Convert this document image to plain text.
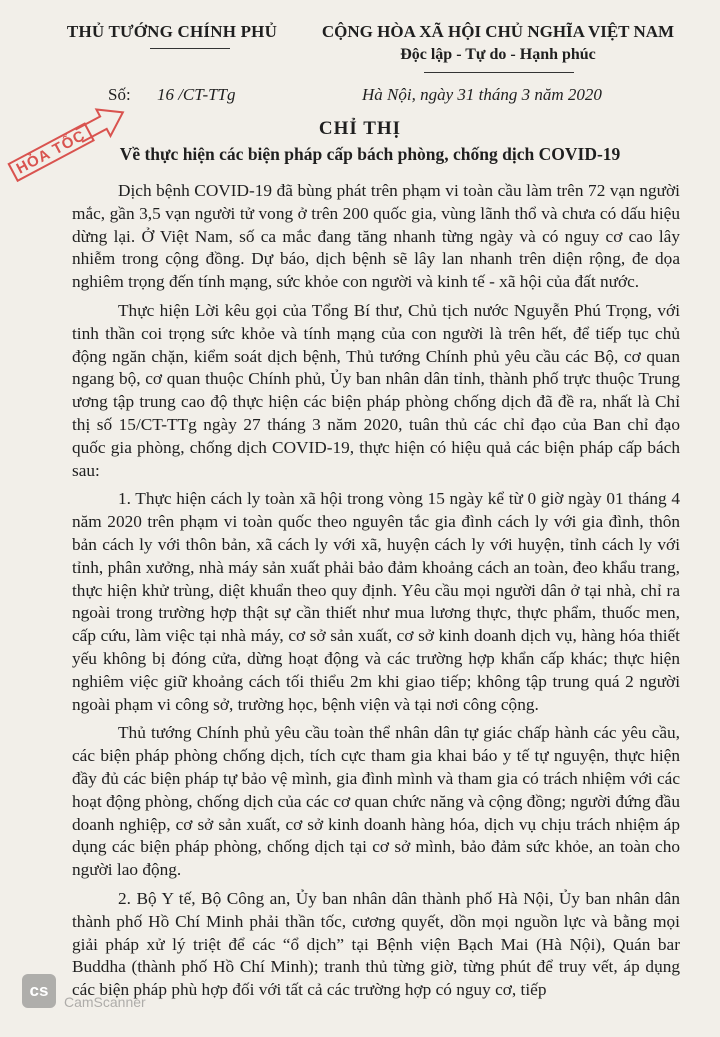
THỦ TƯỚNG CHÍNH PHỦ	CỘNG HÒA XÃ HỘI CHỦ NGHĨA VIỆT NAM
Độc lập - Tự do - Hạnh phúc
Số: 16 /CT-TTg	Hà Nội, ngày 31 tháng 3 năm 2020
HỎA TỐC	CHỈ THỊ
Về thực hiện các biện pháp cấp bách phòng, chống dịch COVID-19

Dịch bệnh COVID-19 đã bùng phát trên phạm vi toàn cầu làm trên 72 vạn người mắc, gần 3,5 vạn người tử vong ở trên 200 quốc gia, vùng lãnh thổ và chưa có dấu hiệu dừng lại. Ở Việt Nam, số ca mắc đang tăng nhanh từng ngày và có nguy cơ cao lây nhiễm trong cộng đồng. Dự báo, dịch bệnh sẽ lây lan nhanh trên diện rộng, đe dọa nghiêm trọng đến tính mạng, sức khỏe con người và kinh tế - xã hội của đất nước.

Thực hiện Lời kêu gọi của Tổng Bí thư, Chủ tịch nước Nguyễn Phú Trọng, với tinh thần coi trọng sức khỏe và tính mạng của con người là trên hết, để tiếp tục chủ động ngăn chặn, kiểm soát dịch bệnh, Thủ tướng Chính phủ yêu cầu các Bộ, cơ quan ngang bộ, cơ quan thuộc Chính phủ, Ủy ban nhân dân tỉnh, thành phố trực thuộc Trung ương tập trung cao độ thực hiện các biện pháp phòng chống dịch đã đề ra, nhất là Chỉ thị số 15/CT-TTg ngày 27 tháng 3 năm 2020, tuân thủ các chỉ đạo của Ban chỉ đạo quốc gia phòng, chống dịch COVID-19, thực hiện có hiệu quả các biện pháp cấp bách sau:

1. Thực hiện cách ly toàn xã hội trong vòng 15 ngày kể từ 0 giờ ngày 01 tháng 4 năm 2020 trên phạm vi toàn quốc theo nguyên tắc gia đình cách ly với gia đình, thôn bản cách ly với thôn bản, xã cách ly với xã, huyện cách ly với huyện, tỉnh cách ly với tỉnh, phân xưởng, nhà máy sản xuất phải bảo đảm khoảng cách an toàn, đeo khẩu trang, thực hiện khử trùng, diệt khuẩn theo quy định. Yêu cầu mọi người dân ở tại nhà, chỉ ra ngoài trong trường hợp thật sự cần thiết như mua lương thực, thực phẩm, thuốc men, cấp cứu, làm việc tại nhà máy, cơ sở sản xuất, cơ sở kinh doanh dịch vụ, hàng hóa thiết yếu không bị đóng cửa, dừng hoạt động và các trường hợp khẩn cấp khác; thực hiện nghiêm việc giữ khoảng cách tối thiểu 2m khi giao tiếp; không tập trung quá 2 người ngoài phạm vi công sở, trường học, bệnh viện và tại nơi công cộng.

Thủ tướng Chính phủ yêu cầu toàn thể nhân dân tự giác chấp hành các yêu cầu, các biện pháp phòng chống dịch, tích cực tham gia khai báo y tế tự nguyện, thực hiện đầy đủ các biện pháp tự bảo vệ mình, gia đình mình và tham gia có trách nhiệm với các hoạt động phòng, chống dịch của các cơ quan chức năng và cộng đồng; người đứng đầu doanh nghiệp, cơ sở sản xuất, cơ sở kinh doanh hàng hóa, dịch vụ chịu trách nhiệm áp dụng các biện pháp phòng, chống dịch tại cơ sở mình, bảo đảm sức khỏe, an toàn cho người lao động.

2. Bộ Y tế, Bộ Công an, Ủy ban nhân dân thành phố Hà Nội, Ủy ban nhân dân thành phố Hồ Chí Minh phải thần tốc, cương quyết, dồn mọi nguồn lực và bằng mọi giải pháp xử lý triệt để các “ổ dịch” tại Bệnh viện Bạch Mai (Hà Nội), Quán bar Buddha (thành phố Hồ Chí Minh); tranh thủ từng giờ, từng phút để truy vết, áp dụng các biện pháp phù hợp đối với tất cả các trường hợp có nguy cơ, tiếp

cs
CamScanner
